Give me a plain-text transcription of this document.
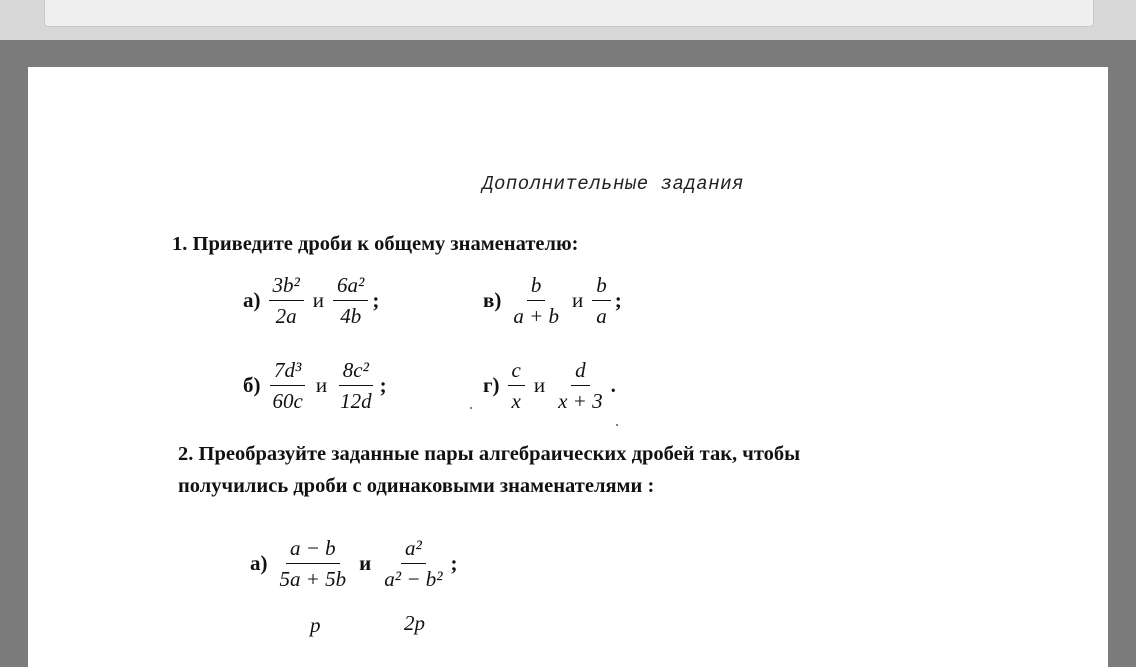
Дополнительные задания
1. Приведите дроби к общему знаменателю:
$а) \frac{\text{3b²}}{2a}$ и $\frac{\text{6a²}}{4b}$ ;	$в) \frac{b}{a + b}$ и $\frac{b}{a}$ ;
$б) \frac{\text{7d³}}{60c}$ и $\frac{\text{8c²}}{12d}$ ;	$г) \frac{c}{x}$ и $\frac{d}{x + 3}$ .
2. Преобразуйте заданные пары алгебраических дробей так, чтобы
получились дроби с одинаковыми знаменателями :
$а) \frac{a - b}{5a + 5b}$ и $\frac{\text{a²}}{\text{a² − b²}}$ ;
p	2p
